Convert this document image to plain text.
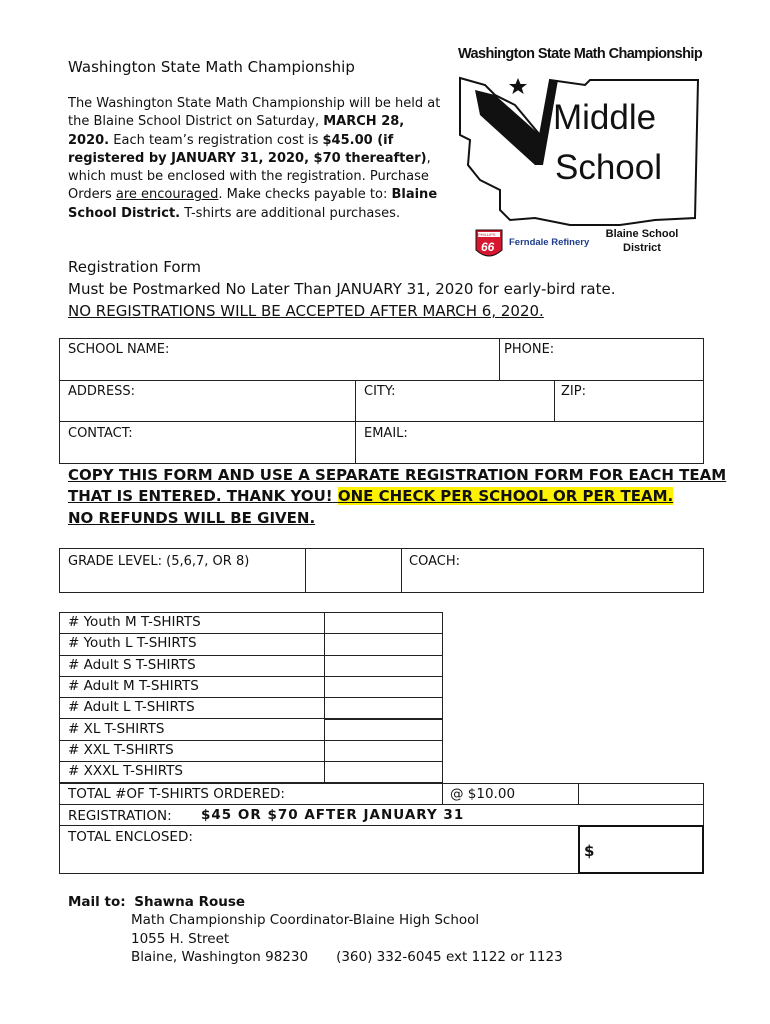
Washington State Math Championship
The Washington State Math Championship will be held at the Blaine School District on Saturday, MARCH 28, 2020. Each team’s registration cost is $45.00 (if registered by JANUARY 31, 2020, $70 thereafter), which must be enclosed with the registration. Purchase Orders are encouraged. Make checks payable to: Blaine School District. T-shirts are additional purchases.
Washington State Math Championship
Middle
School
PHILLIPS
66 Ferndale Refinery
Blaine School District
Registration Form
Must be Postmarked No Later Than JANUARY 31, 2020 for early-bird rate.
NO REGISTRATIONS WILL BE ACCEPTED AFTER MARCH 6, 2020.
SCHOOL NAME:	PHONE:
ADDRESS:	CITY:	ZIP:
CONTACT:	EMAIL:
COPY THIS FORM AND USE A SEPARATE REGISTRATION FORM FOR EACH TEAM
THAT IS ENTERED. THANK YOU! ONE CHECK PER SCHOOL OR PER TEAM.
NO REFUNDS WILL BE GIVEN.
GRADE LEVEL: (5,6,7, OR 8)	COACH:
# Youth M T-SHIRTS
# Youth L T-SHIRTS
# Adult S T-SHIRTS
# Adult M T-SHIRTS
# Adult L T-SHIRTS
# XL T-SHIRTS
# XXL T-SHIRTS
# XXXL T-SHIRTS
TOTAL #OF T-SHIRTS ORDERED:	@ $10.00
REGISTRATION: $45 OR $70 AFTER JANUARY 31
TOTAL ENCLOSED:
$
Mail to: Shawna Rouse
Math Championship Coordinator-Blaine High School
1055 H. Street
Blaine, Washington 98230 (360) 332-6045 ext 1122 or 1123
